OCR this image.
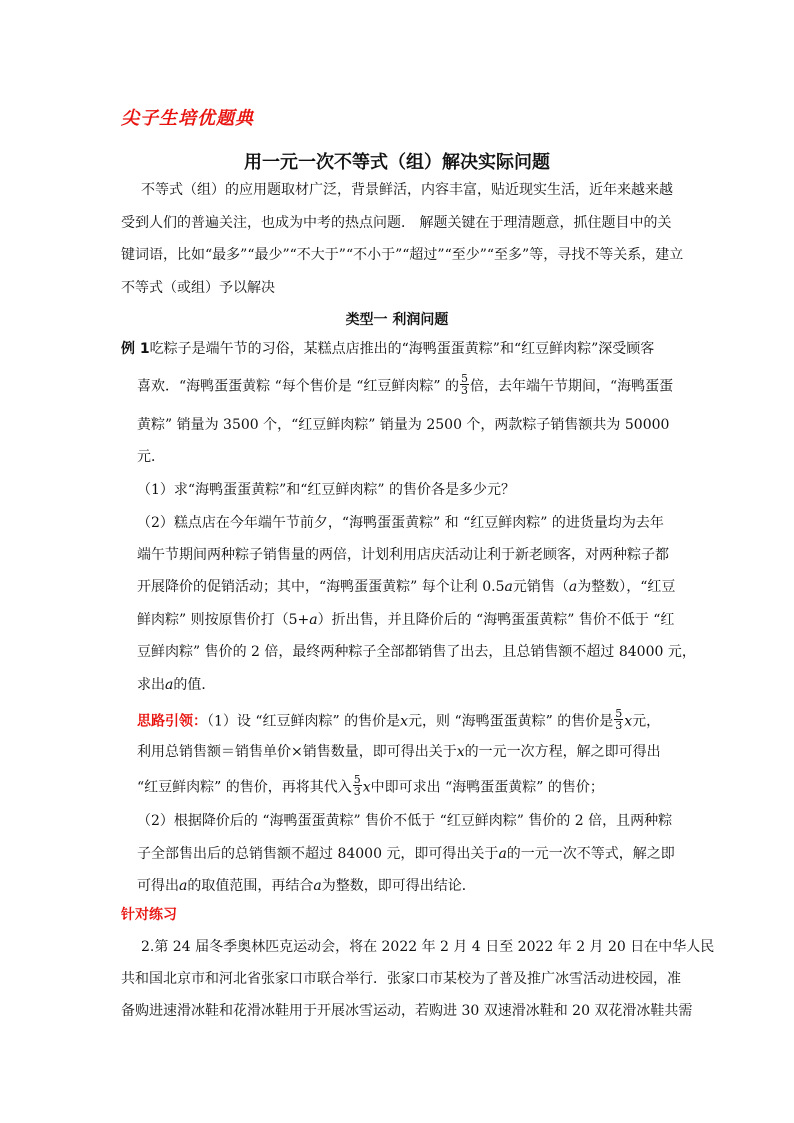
尖子生培优题典
用一元一次不等式（组）解决实际问题
不等式（组）的应用题取材广泛，背景鲜活，内容丰富，贴近现实生活，近年来越来越
受到人们的普遍关注，也成为中考的热点问题． 解题关键在于理清题意，抓住题目中的关
键词语，比如“最多”“最少”“不大于”“不小于”“超过”“至少”“至多”等，寻找不等关系，建立
不等式（或组）予以解决
类型一 利润问题
例 1吃粽子是端午节的习俗，某糕点店推出的“海鸭蛋蛋黄粽”和“红豆鲜肉粽”深受顾客
喜欢．“海鸭蛋蛋黄粽 “每个售价是 “红豆鲜肉粽” 的 $\frac{5}{3}$ 倍，去年端午节期间，“海鸭蛋蛋
黄粽” 销量为 3500 个，“红豆鲜肉粽” 销量为 2500 个，两款粽子销售额共为 50000
元．
（1）求“海鸭蛋蛋黄粽”和“红豆鲜肉粽” 的售价各是多少元？
（2）糕点店在今年端午节前夕，“海鸭蛋蛋黄粽” 和 “红豆鲜肉粽” 的进货量均为去年
端午节期间两种粽子销售量的两倍，计划利用店庆活动让利于新老顾客，对两种粽子都
开展降价的促销活动；其中，“海鸭蛋蛋黄粽” 每个让利 0.5a元销售（a为整数），“红豆
鲜肉粽” 则按原售价打（5+a）折出售，并且降价后的 “海鸭蛋蛋黄粽” 售价不低于 “红
豆鲜肉粽” 售价的 2 倍，最终两种粽子全部都销售了出去，且总销售额不超过 84000 元，
求出a的值．
思路引领：（1）设 “红豆鲜肉粽” 的售价是x元，则 “海鸭蛋蛋黄粽” 的售价是 $\frac{5}{3}$ x元，
利用总销售额＝销售单价×销售数量，即可得出关于x的一元一次方程，解之即可得出
“红豆鲜肉粽” 的售价，再将其代入 $\frac{5}{3}$ x中即可求出 “海鸭蛋蛋黄粽” 的售价；
（2）根据降价后的 “海鸭蛋蛋黄粽” 售价不低于 “红豆鲜肉粽” 售价的 2 倍，且两种粽
子全部售出后的总销售额不超过 84000 元，即可得出关于a的一元一次不等式，解之即
可得出a的取值范围，再结合a为整数，即可得出结论．
针对练习
2.第 24 届冬季奥林匹克运动会，将在 2022 年 2 月 4 日至 2022 年 2 月 20 日在中华人民
共和国北京市和河北省张家口市联合举行．张家口市某校为了普及推广冰雪活动进校园，准
备购进速滑冰鞋和花滑冰鞋用于开展冰雪运动，若购进 30 双速滑冰鞋和 20 双花滑冰鞋共需
